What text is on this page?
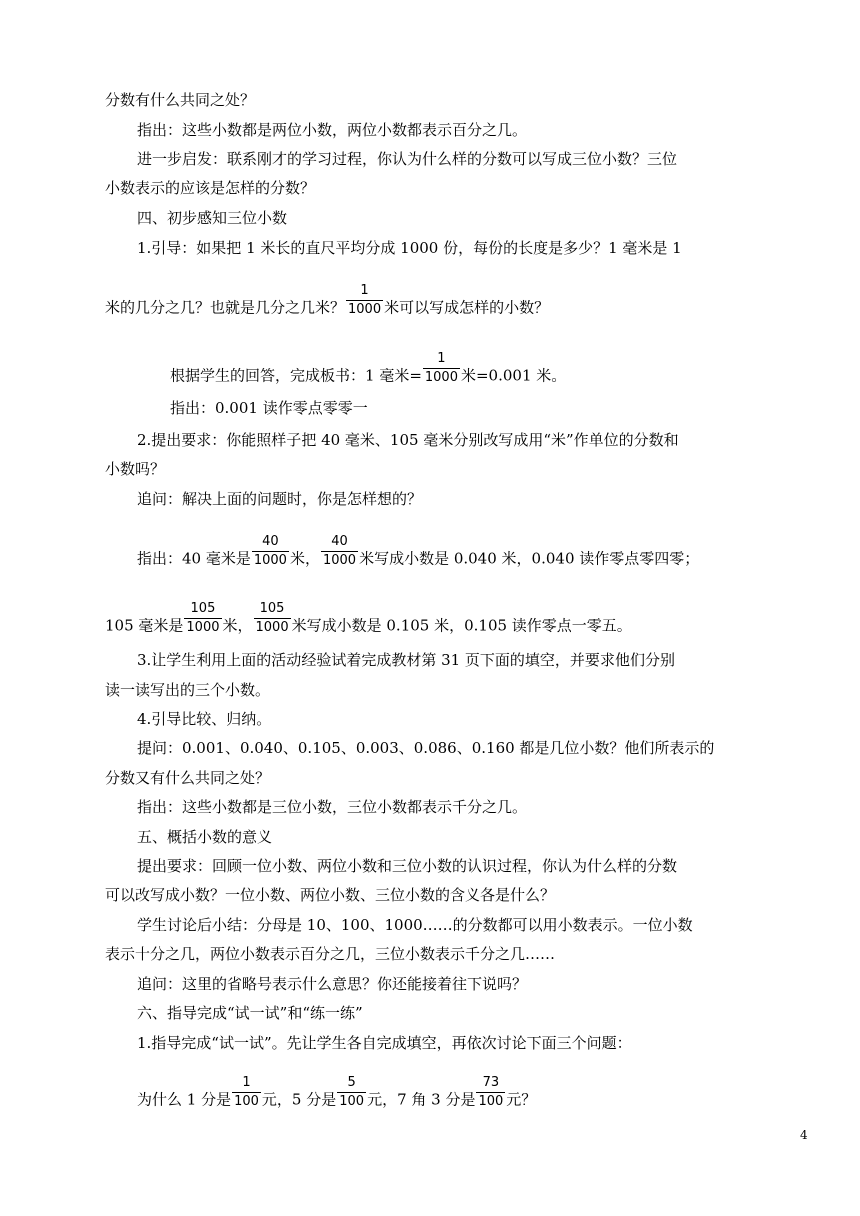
分数有什么共同之处？
指出：这些小数都是两位小数，两位小数都表示百分之几。
进一步启发：联系刚才的学习过程，你认为什么样的分数可以写成三位小数？三位
小数表示的应该是怎样的分数？
四、初步感知三位小数
1.引导：如果把 1 米长的直尺平均分成 1000 份，每份的长度是多少？1 毫米是 1
米的几分之几？也就是几分之几米？ $\frac{1}{1000}$ 米可以写成怎样的小数？
根据学生的回答，完成板书：1 毫米= $\frac{1}{1000}$ 米=0.001 米。
指出：0.001 读作零点零零一
2.提出要求：你能照样子把 40 毫米、105 毫米分别改写成用“米”作单位的分数和
小数吗？
追问：解决上面的问题时，你是怎样想的？
指出：40 毫米是 $\frac{40}{1000}$ 米， $\frac{40}{1000}$ 米写成小数是 0.040 米，0.040 读作零点零四零；
105 毫米是 $\frac{105}{1000}$ 米， $\frac{105}{1000}$ 米写成小数是 0.105 米，0.105 读作零点一零五。
3.让学生利用上面的活动经验试着完成教材第 31 页下面的填空，并要求他们分别
读一读写出的三个小数。
4.引导比较、归纳。
提问：0.001、0.040、0.105、0.003、0.086、0.160 都是几位小数？他们所表示的
分数又有什么共同之处？
指出：这些小数都是三位小数，三位小数都表示千分之几。
五、概括小数的意义
提出要求：回顾一位小数、两位小数和三位小数的认识过程，你认为什么样的分数
可以改写成小数？一位小数、两位小数、三位小数的含义各是什么？
学生讨论后小结：分母是 10、100、1000……的分数都可以用小数表示。一位小数
表示十分之几，两位小数表示百分之几，三位小数表示千分之几……
追问：这里的省略号表示什么意思？你还能接着往下说吗？
六、指导完成“试一试”和“练一练”
1.指导完成“试一试”。先让学生各自完成填空，再依次讨论下面三个问题：
为什么 1 分是 $\frac{1}{100}$ 元，5 分是 $\frac{5}{100}$ 元，7 角 3 分是 $\frac{73}{100}$ 元？
4
